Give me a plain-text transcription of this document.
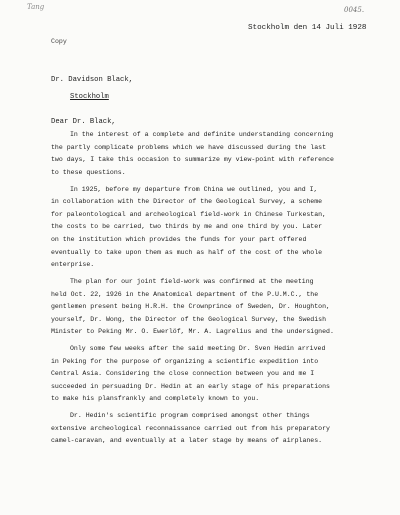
Tang	0045.
Stockholm den 14 Juli 1928
Copy
Dr. Davidson Black,
Stockholm
Dear Dr. Black,
In the interest of a complete and definite understanding concerning
the partly complicate problems which we have discussed during the last
two days, I take this occasion to summarize my view-point with reference
to these questions.
In 1925, before my departure from China we outlined, you and I,
in collaboration with the Director of the Geological Survey, a scheme
for paleontological and archeological field-work in Chinese Turkestan,
the costs to be carried, two thirds by me and one third by you. Later
on the institution which provides the funds for your part offered
eventually to take upon them as much as half of the cost of the whole
enterprise.
The plan for our joint field-work was confirmed at the meeting
held Oct. 22, 1926 in the Anatomical department of the P.U.M.C., the
gentlemen present being H.R.H. the Crownprince of Sweden, Dr. Houghton,
yourself, Dr. Wong, the Director of the Geological Survey, the Swedish
Minister to Peking Mr. O. Ewerlöf, Mr. A. Lagrelius and the undersigned.
Only some few weeks after the said meeting Dr. Sven Hedin arrived
in Peking for the purpose of organizing a scientific expedition into
Central Asia. Considering the close connection between you and me I
succeeded in persuading Dr. Hedin at an early stage of his preparations
to make his plansfrankly and completely known to you.
Dr. Hedin's scientific program comprised amongst other things
extensive archeological reconnaissance carried out from his preparatory
camel-caravan, and eventually at a later stage by means of airplanes.
